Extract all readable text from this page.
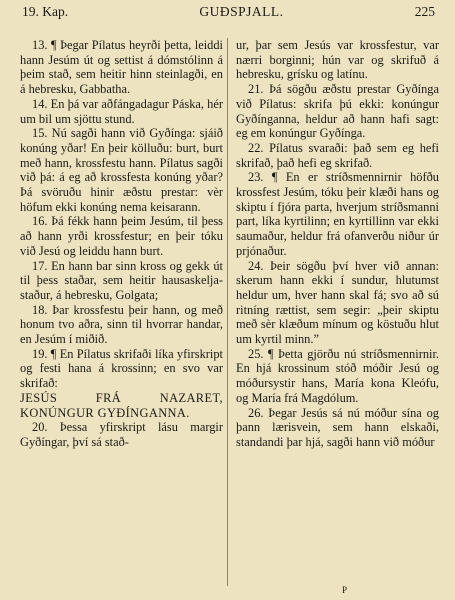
19. Kap.	GUÐSPJALL.	225

13. ¶ Þegar Pílatus heyrði þetta, leiddi hann Jesúm út og settist á dómstólinn á þeim stað, sem heitir hinn steinlagði, en á hebresku, Gabbatha.

14. En þá var aðfángadagur Páska, hér um bil um sjöttu stund.

15. Nú sagði hann við Gyðínga: sjáið konúng yðar! En þeir kölluðu: burt, burt með hann, krossfestu hann. Pílatus sagði við þá: á eg að krossfesta konúng yðar? Þá svöruðu hinir æðstu prestar: vèr höfum ekki konúng nema keisarann.

16. Þá fékk hann þeim Jesúm, til þess að hann yrði krossfestur; en þeir tóku við Jesú og leiddu hann burt.

17. En hann bar sinn kross og gekk út til þess staðar, sem heitir hausaskelja-staður, á hebresku, Golgata;

18. Þar krossfestu þeir hann, og með honum tvo aðra, sinn til hvorrar handar, en Jesúm í miðið.

19. ¶ En Pílatus skrifaði líka yfirskript og festi hana á krossinn; en svo var skrifað:

JESÚS FRÁ NAZARET, KONÚNGUR GYÐÍNGANNA.

20. Þessa yfirskript lásu margir Gyðíngar, því sá stað-

ur, þar sem Jesús var krossfestur, var nærri borginni; hún var og skrifuð á hebresku, grísku og latínu.

21. Þá sögðu æðstu prestar Gyðínga við Pílatus: skrifa þú ekki: konúngur Gyðínganna, heldur að hann hafi sagt: eg em konúngur Gyðínga.

22. Pílatus svaraði: það sem eg hefi skrifað, það hefi eg skrifað.

23. ¶ En er stríðsmennirnir höfðu krossfest Jesúm, tóku þeir klæði hans og skiptu í fjóra parta, hverjum stríðsmanni part, líka kyrtilinn; en kyrtillinn var ekki saumaður, heldur frá ofanverðu niður úr prjónaður.

24. Þeir sögðu því hver við annan: skerum hann ekki í sundur, hlutumst heldur um, hver hann skal fá; svo að sú ritníng rættist, sem segir: „þeir skiptu með sèr klæðum mínum og köstuðu hlut um kyrtil minn.”

25. ¶ Þetta gjörðu nú stríðsmennirnir. En hjá krossinum stóð móðir Jesú og móðursystir hans, María kona Kleófu, og María frá Magdólum.

26. Þegar Jesús sá nú móður sína og þann lærisvein, sem hann elskaði, standandi þar hjá, sagði hann við móður

P
